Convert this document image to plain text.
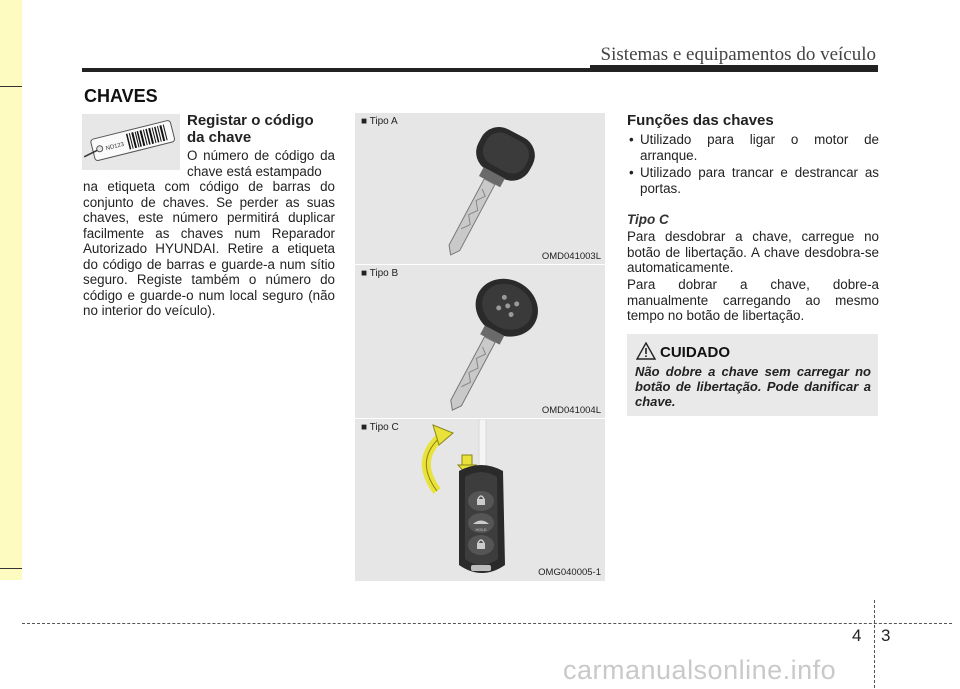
Sistemas e equipamentos do veículo
CHAVES
ND123
Registar o código da chave
O número de código da chave está estampado
na etiqueta com código de barras do conjunto de chaves. Se perder as suas chaves, este número permitirá duplicar facilmente as chaves num Reparador Autorizado HYUNDAI. Retire a etiqueta do código de barras e guarde-a num sítio seguro. Registe também o número do código e guarde-o num local seguro (não no interior do veículo).
■ Tipo A
OMD041003L
■ Tipo B
OMD041004L
■ Tipo C
HOLD
OMG040005-1
Funções das chaves
• Utilizado para ligar o motor de arranque.
• Utilizado para trancar e destrancar as portas.
Tipo C
Para desdobrar a chave, carregue no botão de libertação. A chave desdobra-se automaticamente.
Para dobrar a chave, dobre-a manualmente carregando ao mesmo tempo no botão de libertação.
CUIDADO
Não dobre a chave sem carregar no botão de libertação. Pode danificar a chave.
4 3
carmanualsonline.info
